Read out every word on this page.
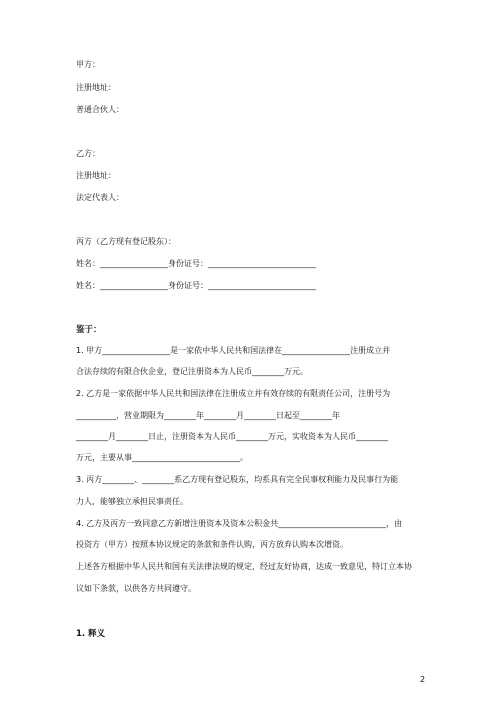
甲方：
注册地址：
普通合伙人：
乙方：
注册地址：
法定代表人：
丙方（乙方现有登记股东）：
姓名：_________________身份证号：___________________________
姓名：_________________身份证号：___________________________
鉴于：
1. 甲方_________________是一家依中华人民共和国法律在_________________注册成立并
合法存续的有限合伙企业，登记注册资本为人民币________万元。
2. 乙方是一家依据中华人民共和国法律在注册成立并有效存续的有限责任公司，注册号为
__________，营业期限为________年________月________日起至________年
________月________日止，注册资本为人民币________万元，实收资本为人民币________
万元，主要从事___________________________。
3. 丙方________、________系乙方现有登记股东，均系具有完全民事权利能力及民事行为能
力人，能够独立承担民事责任。
4. 乙方及丙方一致同意乙方新增注册资本及资本公积金共___________________________，由
投资方（甲方）按照本协议规定的条款和条件认购，丙方放弃认购本次增资。
上述各方根据中华人民共和国有关法律法规的规定，经过友好协商，达成一致意见，特订立本协
议如下条款，以供各方共同遵守。
1. 释义
2
